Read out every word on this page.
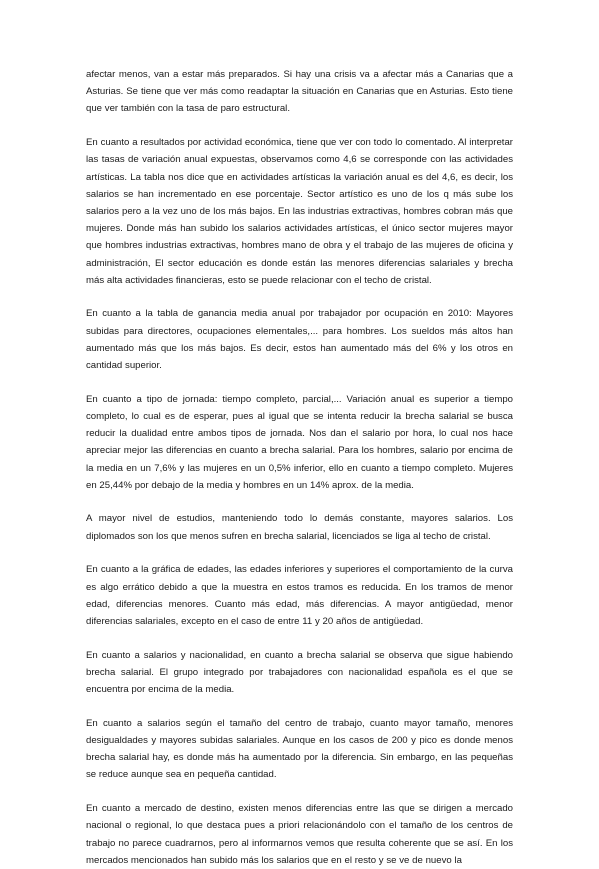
afectar menos, van a estar más preparados. Si hay una crisis va a afectar más a Canarias que a Asturias. Se tiene que ver más como readaptar la situación en Canarias que en Asturias. Esto tiene que ver también con la tasa de paro estructural.

En cuanto a resultados por actividad económica, tiene que ver con todo lo comentado. Al interpretar las tasas de variación anual expuestas, observamos como 4,6 se corresponde con las actividades artísticas. La tabla nos dice que en actividades artísticas la variación anual es del 4,6, es decir, los salarios se han incrementado en ese porcentaje. Sector artístico es uno de los q más sube los salarios pero a la vez uno de los más bajos. En las industrias extractivas, hombres cobran más que mujeres. Donde más han subido los salarios actividades artísticas, el único sector mujeres mayor que hombres industrias extractivas, hombres mano de obra y el trabajo de las mujeres de oficina y administración, El sector educación es donde están las menores diferencias salariales y brecha más alta actividades financieras, esto se puede relacionar con el techo de cristal.

En cuanto a la tabla de ganancia media anual por trabajador por ocupación en 2010: Mayores subidas para directores, ocupaciones elementales,... para hombres. Los sueldos más altos han aumentado más que los más bajos. Es decir, estos han aumentado más del 6% y los otros en cantidad superior.

En cuanto a tipo de jornada: tiempo completo, parcial,... Variación anual es superior a tiempo completo, lo cual es de esperar, pues al igual que se intenta reducir la brecha salarial se busca reducir la dualidad entre ambos tipos de jornada. Nos dan el salario por hora, lo cual nos hace apreciar mejor las diferencias en cuanto a brecha salarial. Para los hombres, salario por encima de la media en un 7,6% y las mujeres en un 0,5% inferior, ello en cuanto a tiempo completo. Mujeres en 25,44% por debajo de la media y hombres en un 14% aprox. de la media.

A mayor nivel de estudios, manteniendo todo lo demás constante, mayores salarios. Los diplomados son los que menos sufren en brecha salarial, licenciados se liga al techo de cristal.

En cuanto a la gráfica de edades, las edades inferiores y superiores el comportamiento de la curva es algo errático debido a que la muestra en estos tramos es reducida. En los tramos de menor edad, diferencias menores. Cuanto más edad, más diferencias. A mayor antigüedad, menor diferencias salariales, excepto en el caso de entre 11 y 20 años de antigüedad.

En cuanto a salarios y nacionalidad, en cuanto a brecha salarial se observa que sigue habiendo brecha salarial. El grupo integrado por trabajadores con nacionalidad española es el que se encuentra por encima de la media.

En cuanto a salarios según el tamaño del centro de trabajo, cuanto mayor tamaño, menores desigualdades y mayores subidas salariales. Aunque en los casos de 200 y pico es donde menos brecha salarial hay, es donde más ha aumentado por la diferencia. Sin embargo, en las pequeñas se reduce aunque sea en pequeña cantidad.

En cuanto a mercado de destino, existen menos diferencias entre las que se dirigen a mercado nacional o regional, lo que destaca pues a priori relacionándolo con el tamaño de los centros de trabajo no parece cuadrarnos, pero al informarnos vemos que resulta coherente que se así. En los mercados mencionados han subido más los salarios que en el resto y se ve de nuevo la
